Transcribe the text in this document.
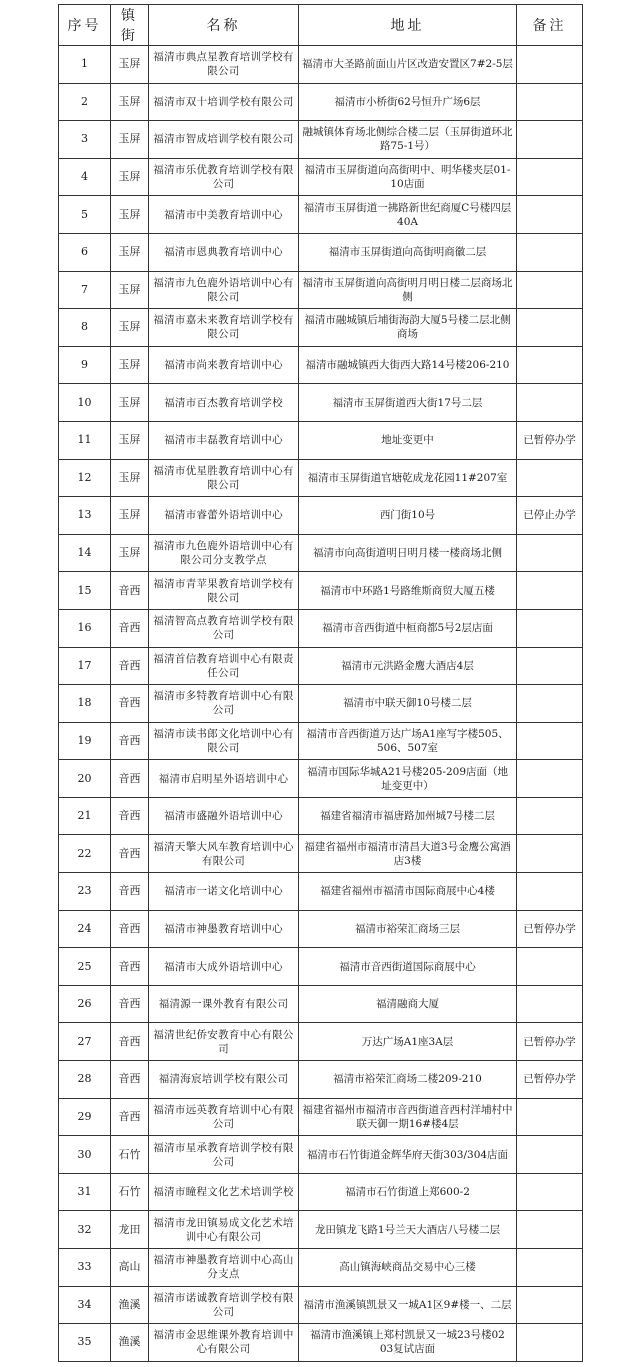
序号	镇街	名称	地址	备注
1	玉屏	福清市典点星教育培训学校有限公司	福清市大圣路前面山片区改造安置区7#2-5层	
2	玉屏	福清市双十培训学校有限公司	福清市小桥街62号恒升广场6层	
3	玉屏	福清市智成培训学校有限公司	融城镇体育场北侧综合楼二层（玉屏街道环北路75-1号）	
4	玉屏	福清市乐优教育培训学校有限公司	福清市玉屏街道向高街明中、明华楼夹层01-10店面	
5	玉屏	福清市中美教育培训中心	福清市玉屏街道一拂路新世纪商厦C号楼四层40A	
6	玉屏	福清市恩典教育培训中心	福清市玉屏街道向高街明商徽二层	
7	玉屏	福清市九色鹿外语培训中心有限公司	福清市玉屏街道向高街明月明日楼二层商场北侧	
8	玉屏	福清市嘉未来教育培训学校有限公司	福清市融城镇后埔街海韵大厦5号楼二层北侧商场	
9	玉屏	福清市尚来教育培训中心	福清市融城镇西大街西大路14号楼206-210	
10	玉屏	福清市百杰教育培训学校	福清市玉屏街道西大街17号二层	
11	玉屏	福清市丰磊教育培训中心	地址变更中	已暂停办学
12	玉屏	福清市优星胜教育培训中心有限公司	福清市玉屏街道官塘乾成龙花园11#207室	
13	玉屏	福清市睿蕾外语培训中心	西门街10号	已停止办学
14	玉屏	福清市九色鹿外语培训中心有限公司分支教学点	福清市向高街道明日明月楼一楼商场北侧	
15	音西	福清市青苹果教育培训学校有限公司	福清市中环路1号路维斯商贸大厦五楼	
16	音西	福清智高点教育培训学校有限公司	福清市音西街道中桓商都5号2层店面	
17	音西	福清首信教育培训中心有限责任公司	福清市元洪路金鹰大酒店4层	
18	音西	福清市多特教育培训中心有限公司	福清市中联天御10号楼二层	
19	音西	福清市读书郎文化培训中心有限公司	福清市音西街道万达广场A1座写字楼505、506、507室	
20	音西	福清市启明星外语培训中心	福清市国际华城A21号楼205-209店面（地址变更中）	
21	音西	福清市盛融外语培训中心	福建省福清市福唐路加州城7号楼二层	
22	音西	福清天擎大风车教育培训中心有限公司	福建省福州市福清市清昌大道3号金鹰公寓酒店3楼	
23	音西	福清市一诺文化培训中心	福建省福州市福清市国际商展中心4楼	
24	音西	福清市神墨教育培训中心	福清市裕荣汇商场三层	已暂停办学
25	音西	福清市大成外语培训中心	福清市音西街道国际商展中心	
26	音西	福清源一课外教育有限公司	福清融商大厦	
27	音西	福清世纪侨安教育中心有限公司	万达广场A1座3A层	已暂停办学
28	音西	福清海宸培训学校有限公司	福清市裕荣汇商场二楼209-210	已暂停办学
29	音西	福清市远英教育培训中心有限公司	福建省福州市福清市音西街道音西村洋埔村中联天御一期16#楼4层	
30	石竹	福清市星承教育培训学校有限公司	福清市石竹街道金辉华府天街303/304店面	
31	石竹	福清市瞳程文化艺术培训学校	福清市石竹街道上郑600-2	
32	龙田	福清市龙田镇易成文化艺术培训中心有限公司	龙田镇龙飞路1号兰天大酒店八号楼二层	
33	高山	福清市神墨教育培训中心高山分支点	高山镇海峡商品交易中心三楼	
34	渔溪	福清市诺诚教育培训学校有限公司	福清市渔溪镇凯景又一城A1区9#楼一、二层	
35	渔溪	福清市金思维课外教育培训中心有限公司	福清市渔溪镇上郑村凯景又一城23号楼02 03复试店面	
